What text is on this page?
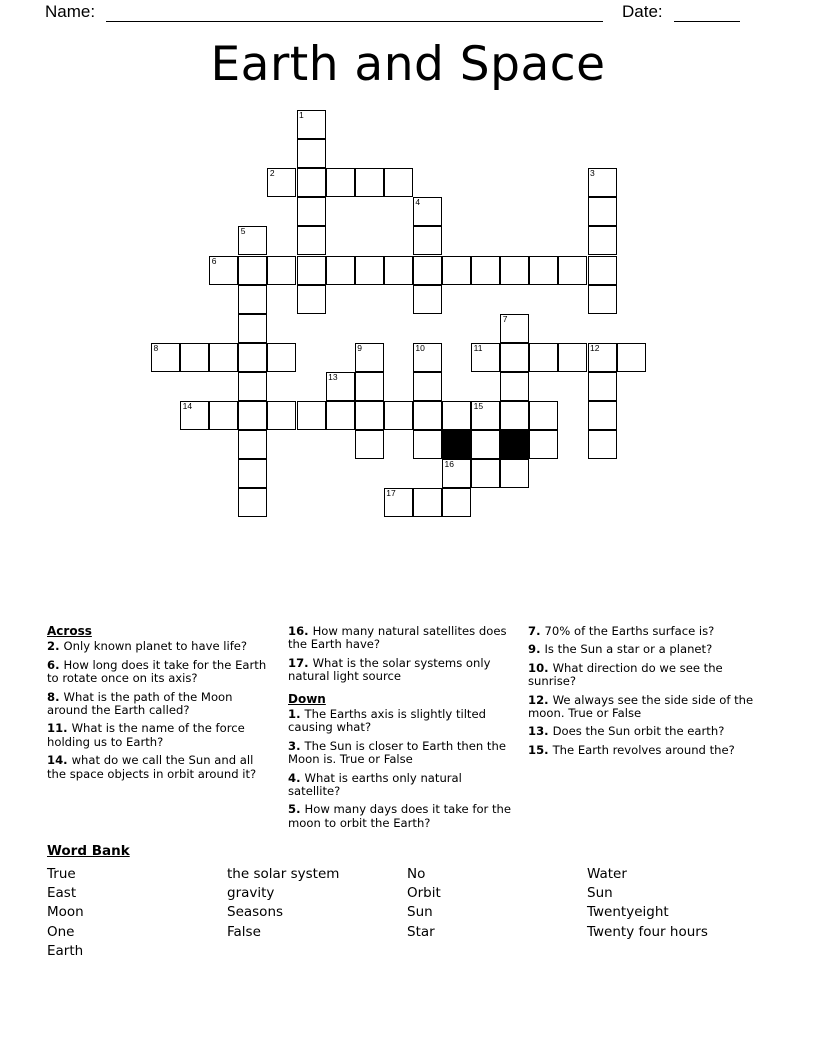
Name:	Date:
Earth and Space
1
2	3
4
5
6
7
8	9	10	11	12
13
14	15
16
17
Across

2. Only known planet to have life?

6. How long does it take for the Earth to rotate once on its axis?

8. What is the path of the Moon around the Earth called?

11. What is the name of the force holding us to Earth?

14. what do we call the Sun and all the space objects in orbit around it?

16. How many natural satellites does the Earth have?

17. What is the solar systems only natural light source

Down

1. The Earths axis is slightly tilted causing what?

3. The Sun is closer to Earth then the Moon is. True or False

4. What is earths only natural satellite?

5. How many days does it take for the moon to orbit the Earth?

7. 70% of the Earths surface is?

9. Is the Sun a star or a planet?

10. What direction do we see the sunrise?

12. We always see the side side of the moon. True or False

13. Does the Sun orbit the earth?

15. The Earth revolves around the?

Word Bank
True
East
Moon
One
Earth
the solar system
gravity
Seasons
False
No
Orbit
Sun
Star
Water
Sun
Twentyeight
Twenty four hours
